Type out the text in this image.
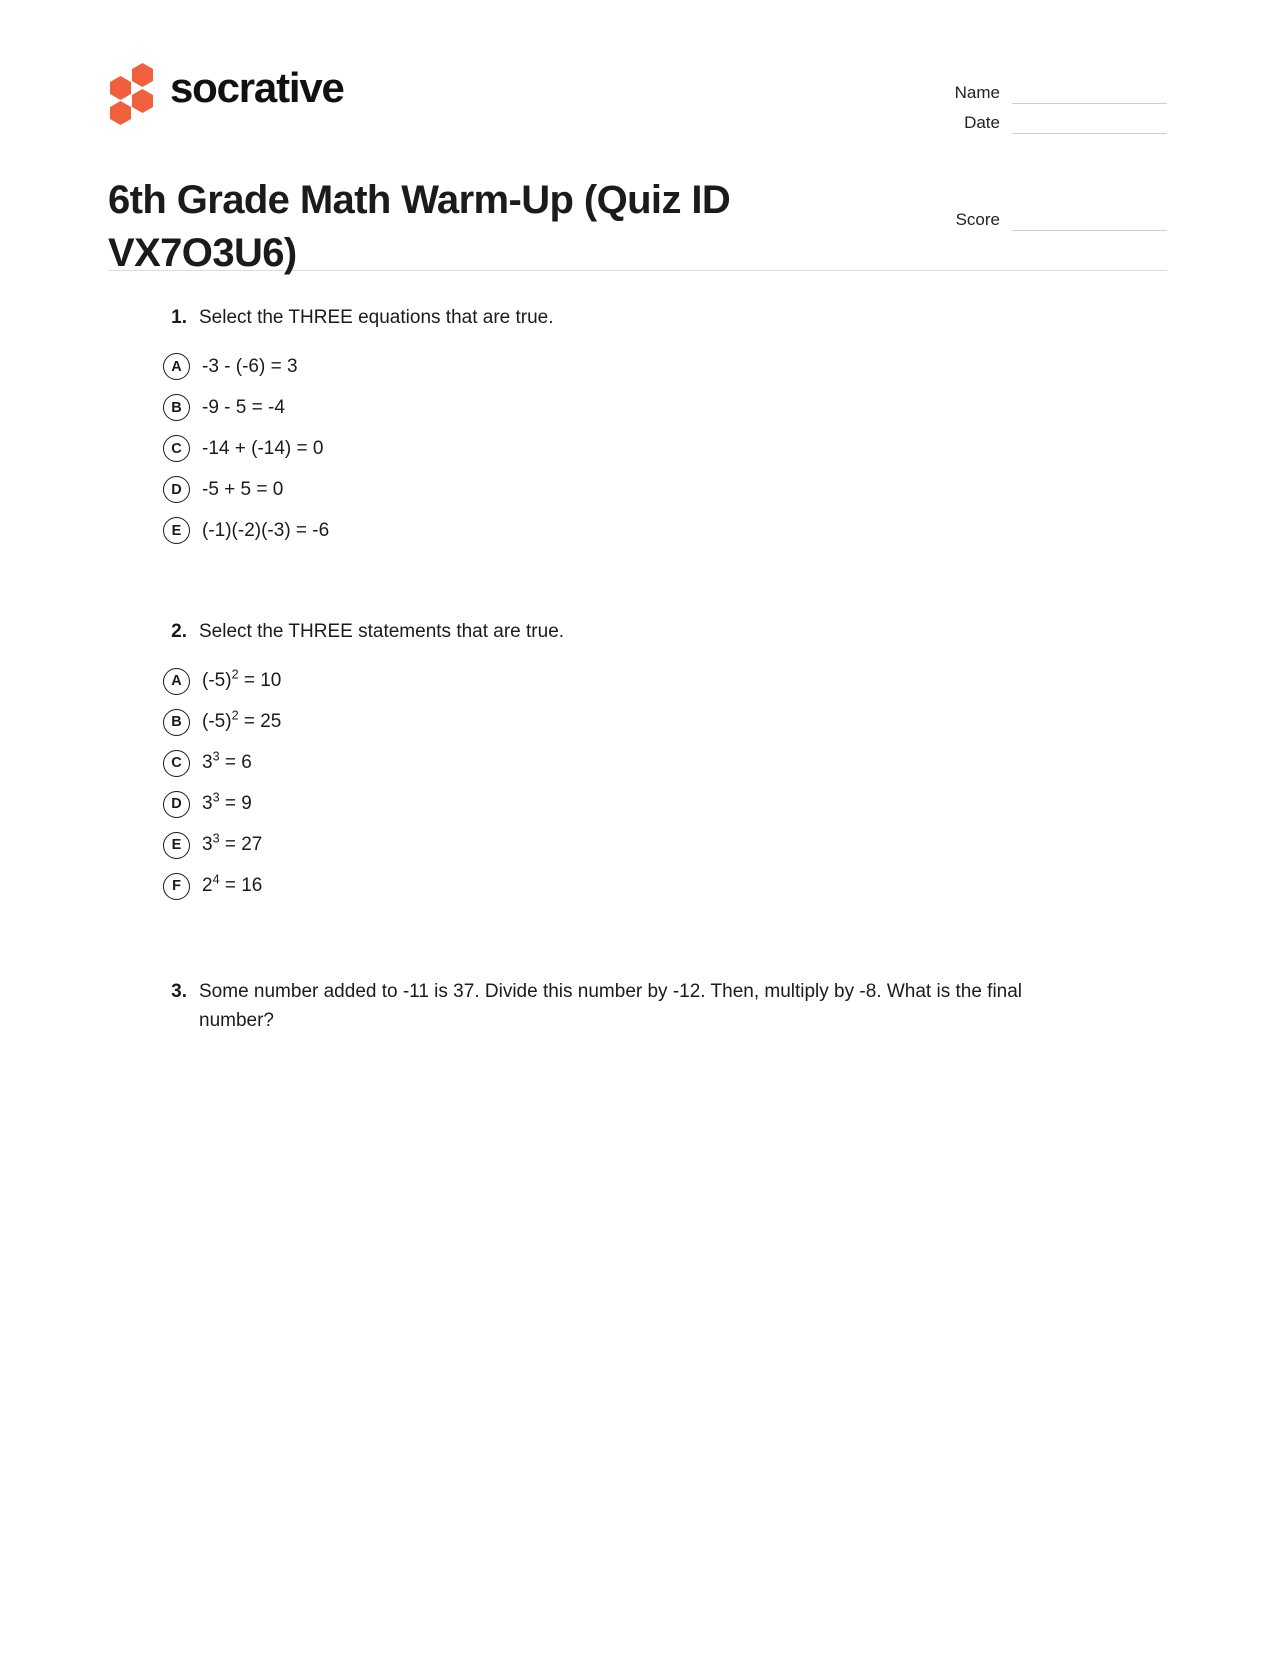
socrative
6th Grade Math Warm-Up (Quiz ID VX7O3U6)
Name
Date
Score
1. Select the THREE equations that are true.
A	-3 - (-6) = 3
B	-9 - 5 = -4
C	-14 + (-14) = 0
D	-5 + 5 = 0
E	(-1)(-2)(-3) = -6
2. Select the THREE statements that are true.
A	$(-5)^2 = 10$
B	$(-5)^2 = 25$
C	$3^3 = 6$
D	$3^3 = 9$
E	$3^3 = 27$
F	$2^4 = 16$
3. Some number added to -11 is 37. Divide this number by -12. Then, multiply by -8. What is the final number?
